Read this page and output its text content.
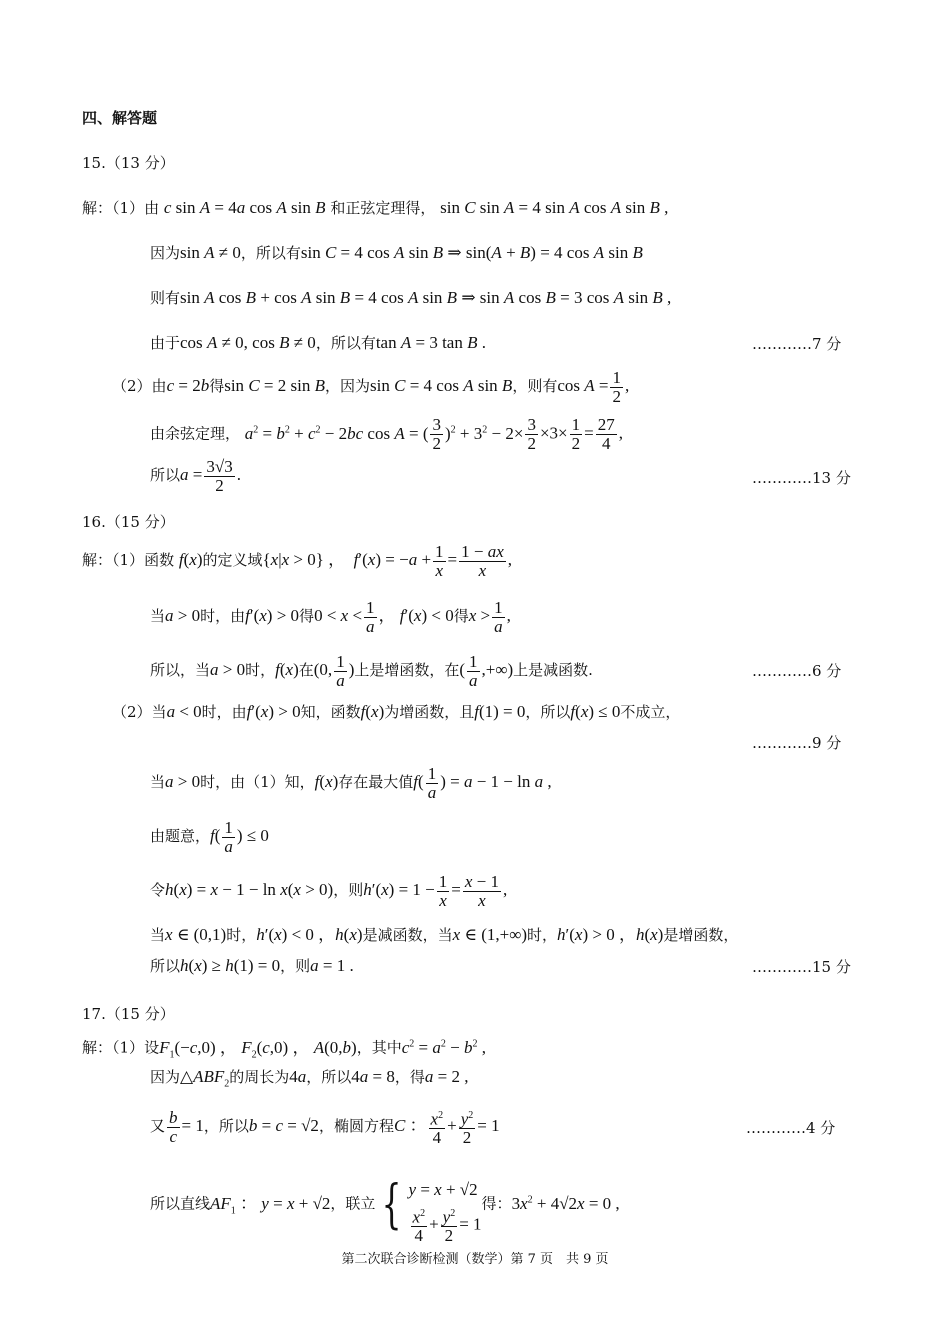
四、解答题
15.（13 分）
解：（1）由 c sin A = 4a cos A sin B 和正弦定理得， sin C sin A = 4 sin A cos A sin B ,
因为sin A ≠ 0，所以有sin C = 4 cos A sin B ⇒ sin(A + B) = 4 cos A sin B
则有sin A cos B + cos A sin B = 4 cos A sin B ⇒ sin A cos B = 3 cos A sin B ,
由于cos A ≠ 0, cos B ≠ 0，所以有tan A = 3 tan B .	…………7 分
（2）由c = 2b得sin C = 2 sin B，因为sin C = 4 cos A sin B，则有$\cos A = \frac{1}{2}$ ,
由余弦定理， $a^2 = b^2 + c^2 - 2bc$ cos A = ( $\frac{3}{2} )^2 + 3^2 - 2\times \frac{3}{2} \times 3\times \frac{1}{2} = \frac{27}{4}$ ,
所以$a = \frac{3√3}{2}$ .	…………13 分
16.（15 分）
解：（1）函数 f(x)的定义域{x|x > 0} ，  $f'(x) = -a + \frac{1}{x} = \frac{1 - ax}{x}$ ,
当a > 0时，由f′(x) > 0得$0 < x < \frac{1}{a}$ ， f′(x) < 0得$x > \frac{1}{a}$ ,
所以，当a > 0时，f(x)在(0, $\frac{1}{a}$ )上是增函数，在( $\frac{1}{a}$ ,+∞)上是减函数.	…………6 分
（2）当a < 0时，由f′(x) > 0知，函数f(x)为增函数，且f(1) = 0，所以f(x) ≤ 0不成立，
…………9 分
当a > 0时，由（1）知，f(x)存在最大值$f( \frac{1}{a}$ ) = a − 1 − ln a ,
由题意，$f( \frac{1}{a}$ ) ≤ 0
令h(x) = x − 1 − ln x(x > 0)，则$h'(x) = 1 - \frac{1}{x} = \frac{x - 1}{x}$ ,
当x ∈ (0,1)时，h′(x) < 0 ，h(x)是减函数，当x ∈ (1,+∞)时，h′(x) > 0 ，h(x)是增函数，
所以h(x) ≥ h(1) = 0，则a = 1 .	…………15 分
17.（15 分）
解：（1）设$F_1(-c,0)$ ， $F_2(c,0)$ ， A(0,b)，其中$c^2 = a^2 - b^2$ ,
因为$\triangle ABF_2$的周长为4a，所以4a = 8，得a = 2 ,
又 $\frac{b}{c} = 1$，所以b = c = √2，椭圆方程C ： $\frac{x^2}{4} + \frac{y^2}{2} = 1$	…………4 分
所以直线$AF_1$ ： y = x + √2，联立 { y = x + √2
$\frac{x^2}{4} + \frac{y^2}{2} = 1$
得：$3x^2 + 4√2x = 0$ ,
第二次联合诊断检测（数学）第 7 页　共 9 页
